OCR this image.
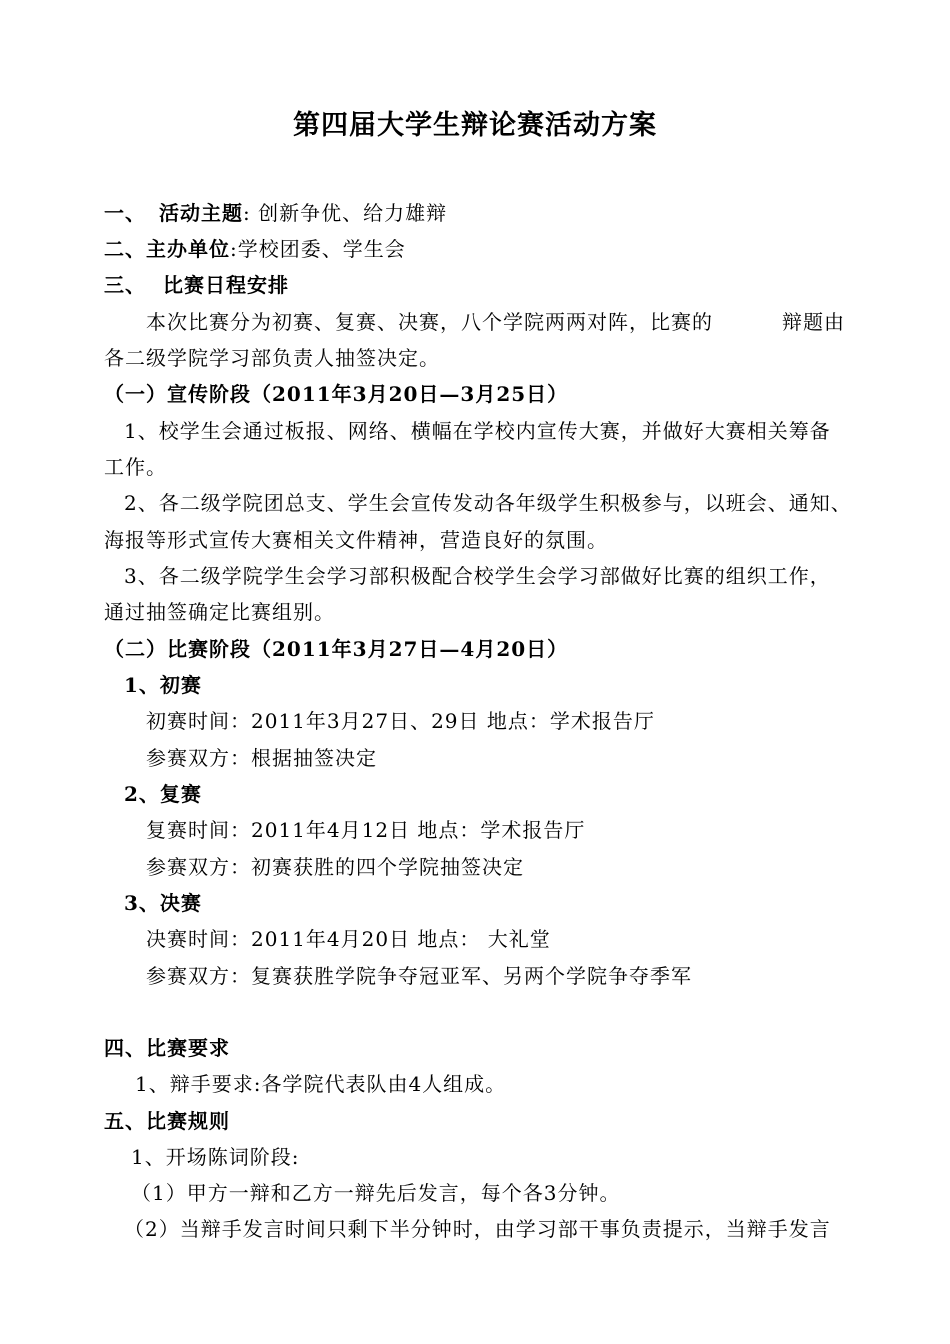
第四届大学生辩论赛活动方案
一、 活动主题: 创新争优、给力雄辩
二、主办单位:学校团委、学生会
三、 比赛日程安排
本次比赛分为初赛、复赛、决赛，八个学院两两对阵，比赛的	辩题由
各二级学院学习部负责人抽签决定。
（一）宣传阶段（2011年3月20日—3月25日）
1、校学生会通过板报、网络、横幅在学校内宣传大赛，并做好大赛相关筹备
工作。
2、各二级学院团总支、学生会宣传发动各年级学生积极参与，以班会、通知、
海报等形式宣传大赛相关文件精神，营造良好的氛围。
3、各二级学院学生会学习部积极配合校学生会学习部做好比赛的组织工作，
通过抽签确定比赛组别。
（二）比赛阶段（2011年3月27日—4月20日）
1、初赛
初赛时间：2011年3月27日、29日 地点：学术报告厅
参赛双方：根据抽签决定
2、复赛
复赛时间：2011年4月12日 地点：学术报告厅
参赛双方：初赛获胜的四个学院抽签决定
3、决赛
决赛时间：2011年4月20日 地点： 大礼堂
参赛双方：复赛获胜学院争夺冠亚军、另两个学院争夺季军
四、比赛要求
1、辩手要求:各学院代表队由4人组成。
五、比赛规则
1、开场陈词阶段:
（1）甲方一辩和乙方一辩先后发言，每个各3分钟。
（2）当辩手发言时间只剩下半分钟时，由学习部干事负责提示，当辩手发言
